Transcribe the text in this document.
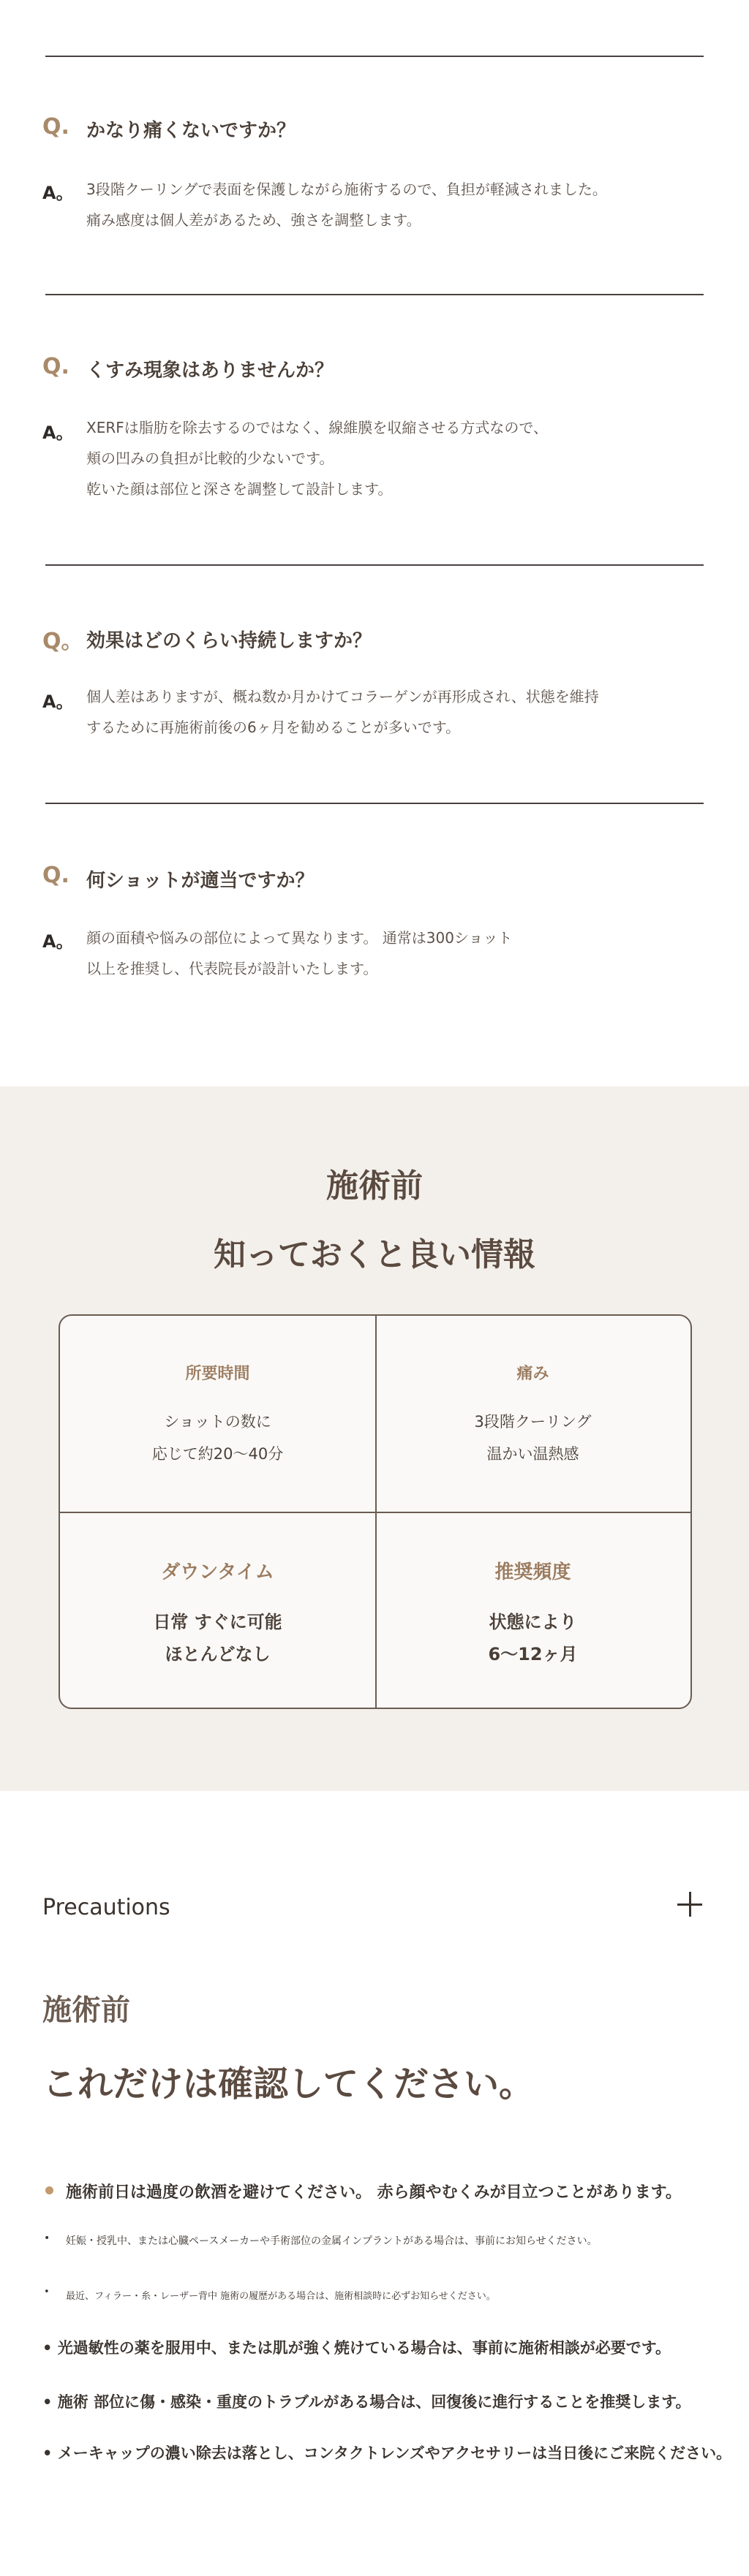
Q. かなり痛くないですか？
A。 3段階クーリングで表面を保護しながら施術するので、負担が軽減されました。
痛み感度は個人差があるため、強さを調整します。
Q. くすみ現象はありませんか？
A。 XERFは脂肪を除去するのではなく、線維膜を収縮させる方式なので、
頬の凹みの負担が比較的少ないです。
乾いた顔は部位と深さを調整して設計します。
Q。 効果はどのくらい持続しますか？
A。 個人差はありますが、概ね数か月かけてコラーゲンが再形成され、状態を維持
するために再施術前後の6ヶ月を勧めることが多いです。
Q. 何ショットが適当ですか？
A。 顔の面積や悩みの部位によって異なります。 通常は300ショット
以上を推奨し、代表院長が設計いたします。
施術前
知っておくと良い情報
所要時間
ショットの数に
応じて約20〜40分
痛み
3段階クーリング
温かい温熱感
ダウンタイム
日常 すぐに可能
ほとんどなし
推奨頻度
状態により
6〜12ヶ月
Precautions
施術前
これだけは確認してください。
施術前日は過度の飲酒を避けてください。 赤ら顔やむくみが目立つことがあります。
• 妊娠・授乳中、または心臓ペースメーカーや手術部位の金属インプラントがある場合は、事前にお知らせください。
• 最近、フィラー・糸・レーザー背中 施術の履歴がある場合は、施術相談時に必ずお知らせください。
• 光過敏性の薬を服用中、または肌が強く焼けている場合は、事前に施術相談が必要です。
• 施術 部位に傷・感染・重度のトラブルがある場合は、回復後に進行することを推奨します。
• メーキャップの濃い除去は落とし、コンタクトレンズやアクセサリーは当日後にご来院ください。
